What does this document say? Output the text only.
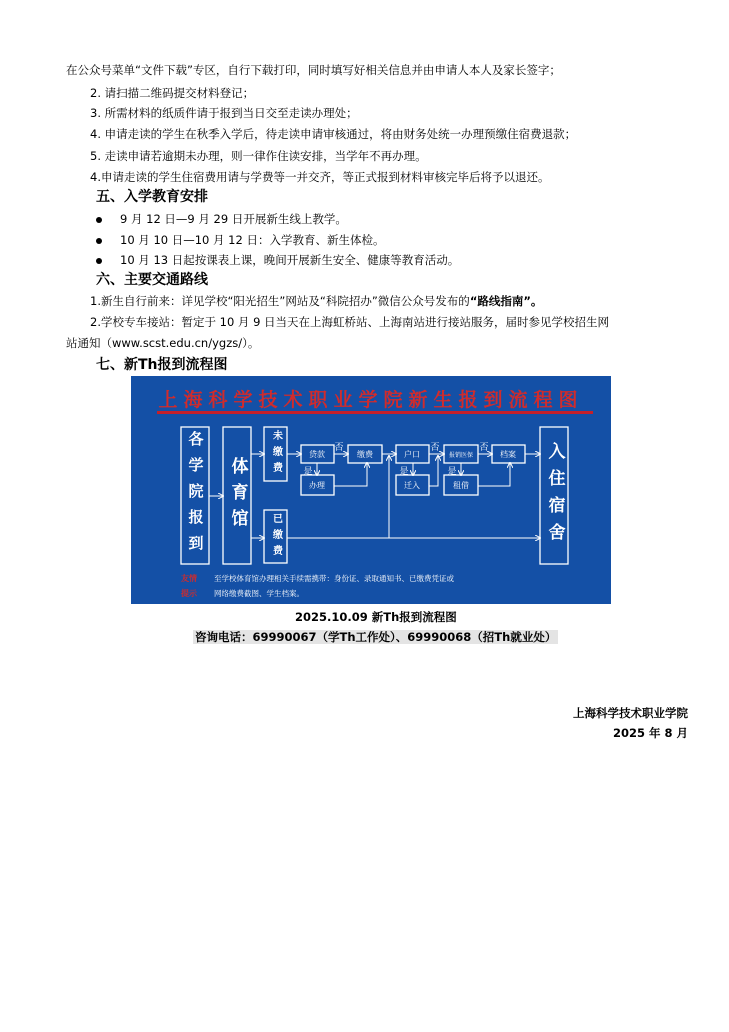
在公众号菜单“文件下载”专区，自行下载打印，同时填写好相关信息并由申请人本人及家长签字；
2. 请扫描二维码提交材料登记；
3. 所需材料的纸质件请于报到当日交至走读办理处；
4. 申请走读的学生在秋季入学后，待走读申请审核通过，将由财务处统一办理预缴住宿费退款；
5. 走读申请若逾期未办理，则一律作住读安排，当学年不再办理。
4.申请走读的学生住宿费用请与学费等一并交齐，等正式报到材料审核完毕后将予以退还。
五、入学教育安排
9 月 12 日—9 月 29 日开展新生线上教学。
10 月 10 日—10 月 12 日：入学教育、新生体检。
10 月 13 日起按课表上课，晚间开展新生安全、健康等教育活动。
六、主要交通路线
1.新生自行前来：详见学校“阳光招生”网站及“科院招办”微信公众号发布的“路线指南”。
2.学校专车接站：暂定于 10 月 9 日当天在上海虹桥站、上海南站进行接站服务，届时参见学校招生网
站通知（www.scst.edu.cn/ygzs/）。
七、新Th报到流程图
上海科学技术职业学院新生报到流程图
否	否	否
是	是	是
贷款
办理
缴费	户口
迁入
报销医保
租借
档案
友情
提示
至学校体育馆办理相关手续需携带：身份证、录取通知书、已缴费凭证或
网络缴费截图、学生档案。
各学院报到 体育馆
未缴费
已缴费	入住宿舍
2025.10.09 新Th报到流程图
咨询电话：69990067（学Th工作处）、69990068（招Th就业处）
上海科学技术职业学院
2025 年 8 月
